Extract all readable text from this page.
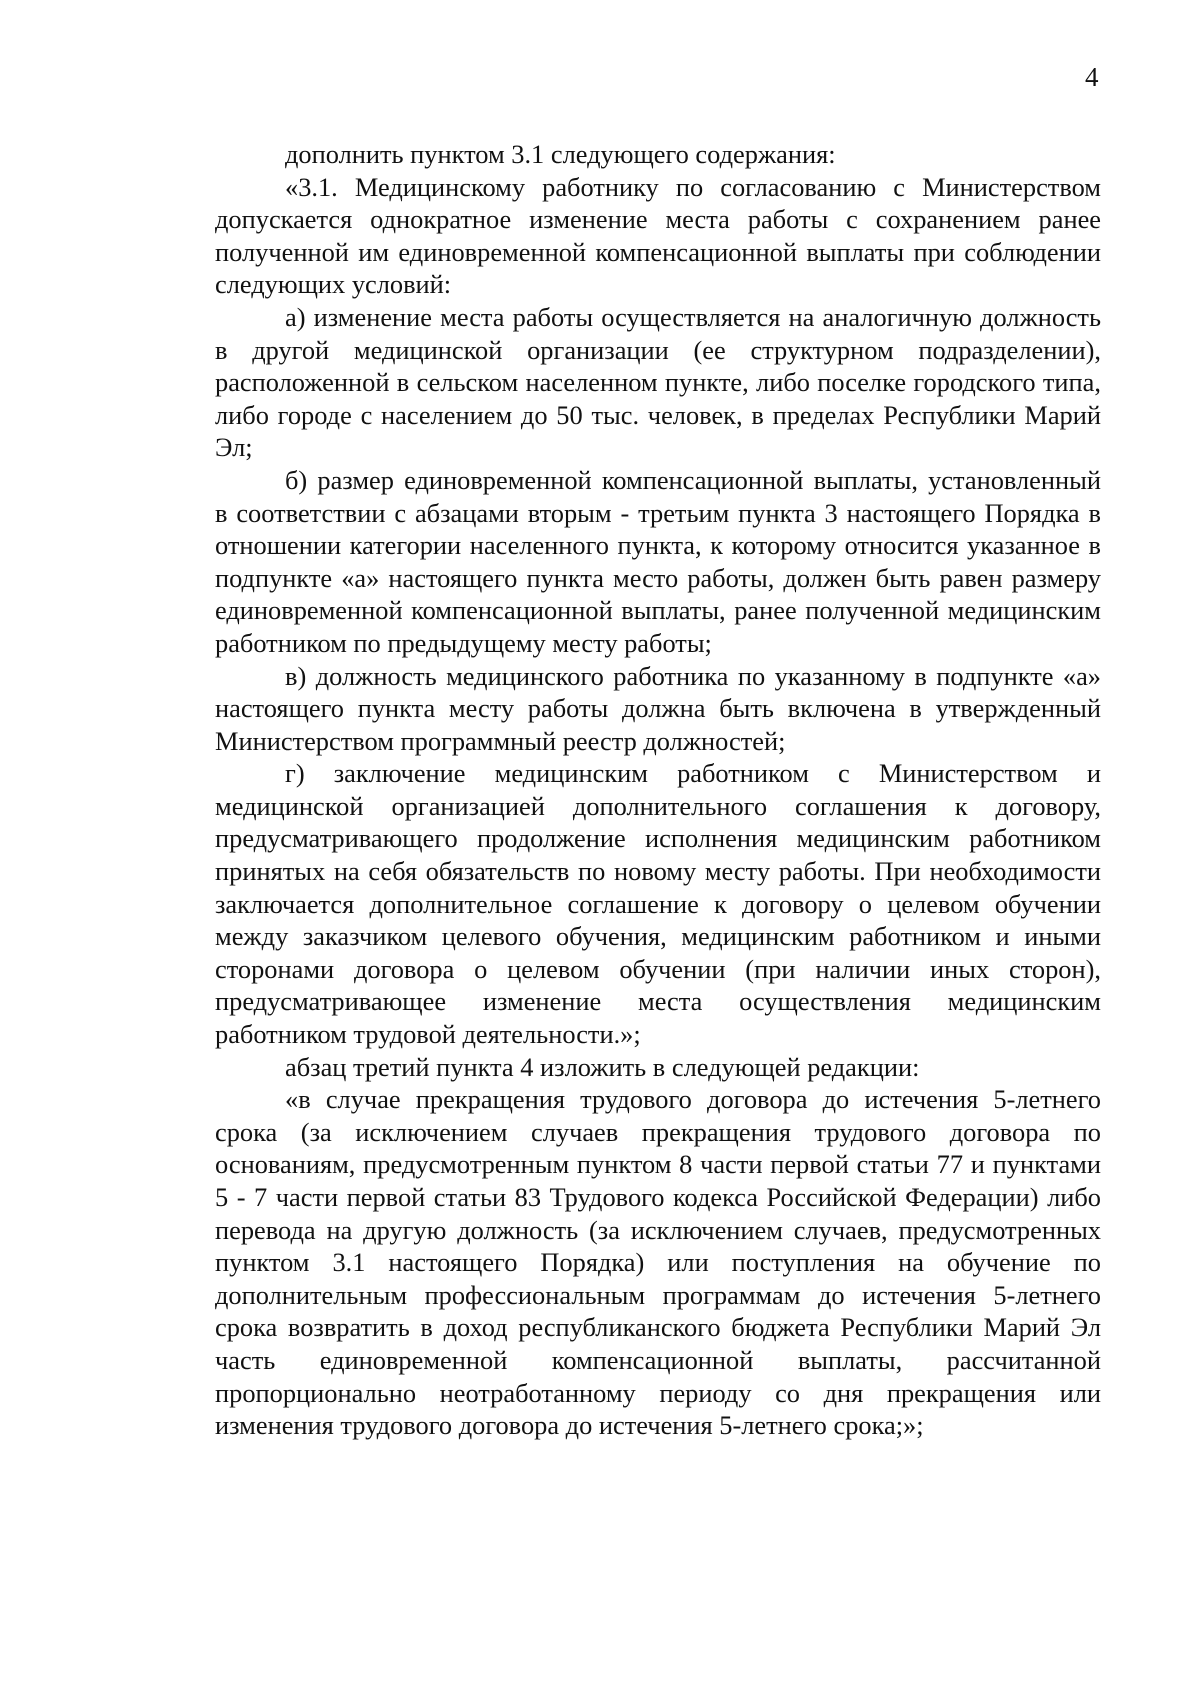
4

дополнить пунктом 3.1 следующего содержания:

«3.1. Медицинскому работнику по согласованию с Министерством допускается однократное изменение места работы с сохранением ранее полученной им единовременной компенсационной выплаты при соблюдении следующих условий:

а) изменение места работы осуществляется на аналогичную должность в другой медицинской организации (ее структурном подразделении), расположенной в сельском населенном пункте, либо поселке городского типа, либо городе с населением до 50 тыс. человек, в пределах Республики Марий Эл;

б) размер единовременной компенсационной выплаты, установленный в соответствии с абзацами вторым - третьим пункта 3 настоящего Порядка в отношении категории населенного пункта, к которому относится указанное в подпункте «а» настоящего пункта место работы, должен быть равен размеру единовременной компенсационной выплаты, ранее полученной медицинским работником по предыдущему месту работы;

в) должность медицинского работника по указанному в подпункте «а» настоящего пункта месту работы должна быть включена в утвержденный Министерством программный реестр должностей;

г) заключение медицинским работником с Министерством и медицинской организацией дополнительного соглашения к договору, предусматривающего продолжение исполнения медицинским работником принятых на себя обязательств по новому месту работы. При необходимости заключается дополнительное соглашение к договору о целевом обучении между заказчиком целевого обучения, медицинским работником и иными сторонами договора о целевом обучении (при наличии иных сторон), предусматривающее изменение места осуществления медицинским работником трудовой деятельности.»;

абзац третий пункта 4 изложить в следующей редакции:

«в случае прекращения трудового договора до истечения 5-летнего срока (за исключением случаев прекращения трудового договора по основаниям, предусмотренным пунктом 8 части первой статьи 77 и пунктами 5 - 7 части первой статьи 83 Трудового кодекса Российской Федерации) либо перевода на другую должность (за исключением случаев, предусмотренных пунктом 3.1 настоящего Порядка) или поступления на обучение по дополнительным профессиональным программам до истечения 5-летнего срока возвратить в доход республиканского бюджета Республики Марий Эл часть единовременной компенсационной выплаты, рассчитанной пропорционально неотработанному периоду со дня прекращения или изменения трудового договора до истечения 5-летнего срока;»;
